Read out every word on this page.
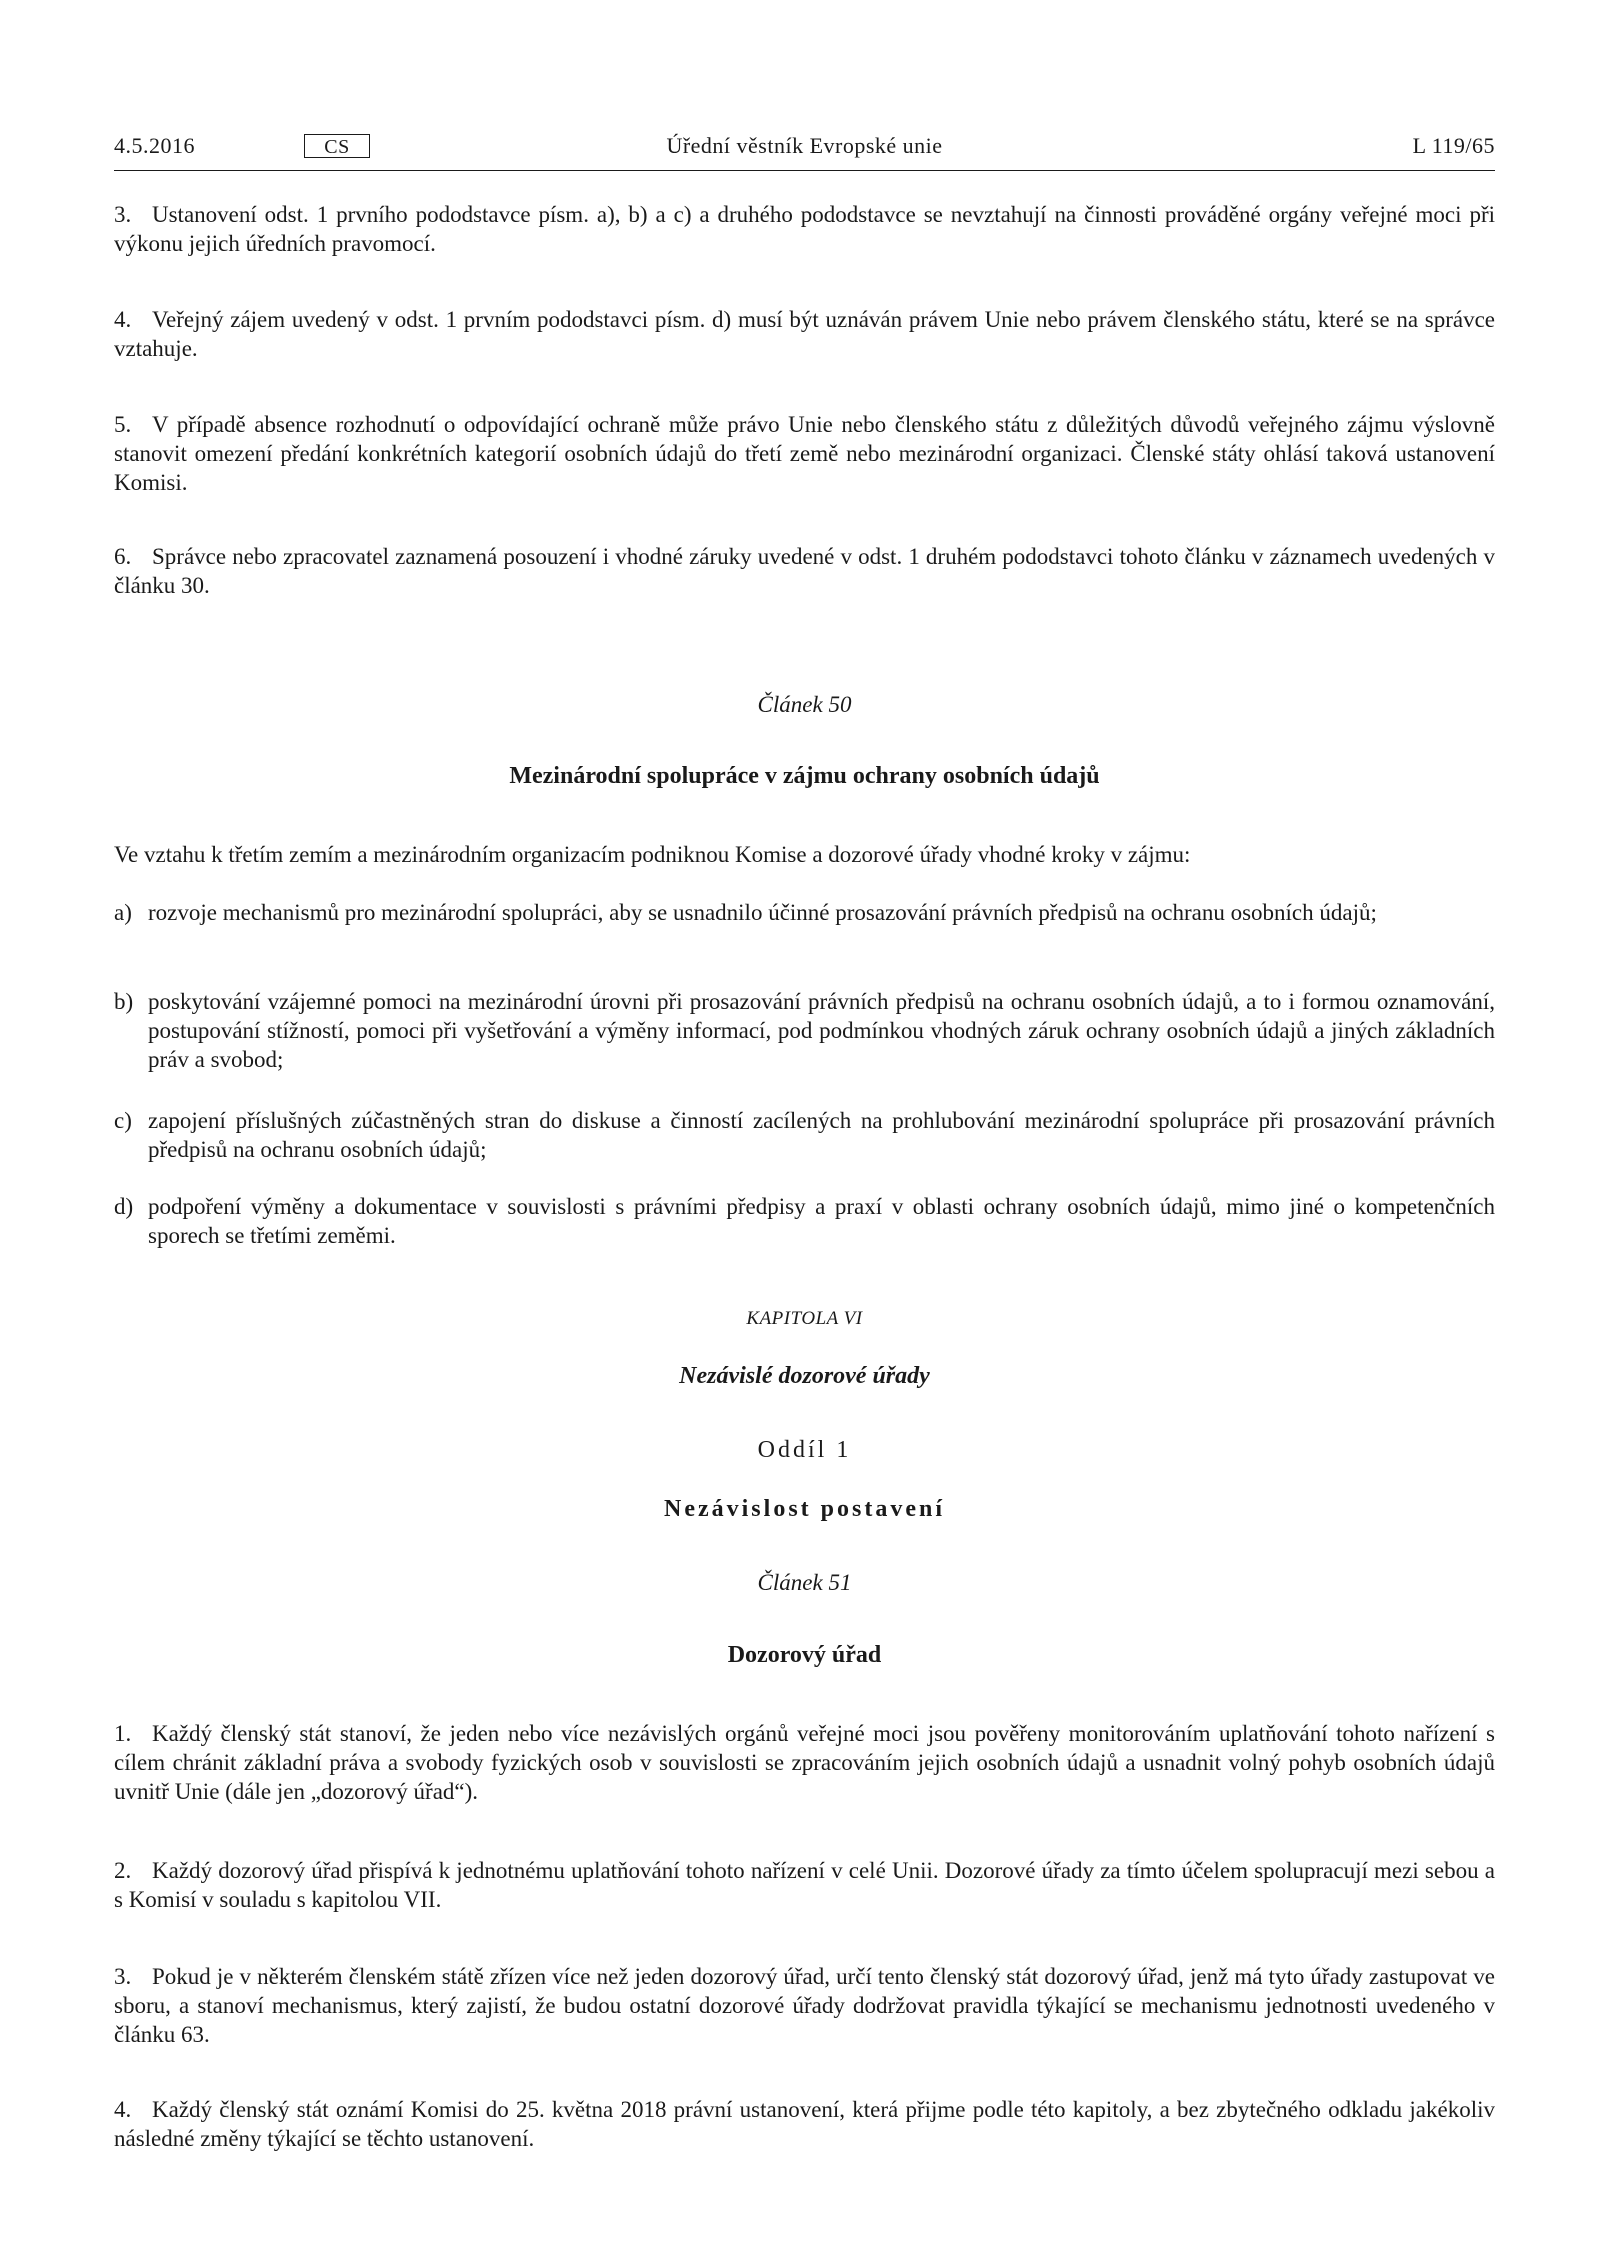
4.5.2016	CS	Úřední věstník Evropské unie	L 119/65

3. Ustanovení odst. 1 prvního pododstavce písm. a), b) a c) a druhého pododstavce se nevztahují na činnosti prováděné orgány veřejné moci při výkonu jejich úředních pravomocí.

4. Veřejný zájem uvedený v odst. 1 prvním pododstavci písm. d) musí být uznáván právem Unie nebo právem členského státu, které se na správce vztahuje.

5. V případě absence rozhodnutí o odpovídající ochraně může právo Unie nebo členského státu z důležitých důvodů veřejného zájmu výslovně stanovit omezení předání konkrétních kategorií osobních údajů do třetí země nebo mezinárodní organizaci. Členské státy ohlásí taková ustanovení Komisi.

6. Správce nebo zpracovatel zaznamená posouzení i vhodné záruky uvedené v odst. 1 druhém pododstavci tohoto článku v záznamech uvedených v článku 30.

Článek 50

Mezinárodní spolupráce v zájmu ochrany osobních údajů

Ve vztahu k třetím zemím a mezinárodním organizacím podniknou Komise a dozorové úřady vhodné kroky v zájmu:

a) rozvoje mechanismů pro mezinárodní spolupráci, aby se usnadnilo účinné prosazování právních předpisů na ochranu osobních údajů;
b) poskytování vzájemné pomoci na mezinárodní úrovni při prosazování právních předpisů na ochranu osobních údajů, a to i formou oznamování, postupování stížností, pomoci při vyšetřování a výměny informací, pod podmínkou vhodných záruk ochrany osobních údajů a jiných základních práv a svobod;
c) zapojení příslušných zúčastněných stran do diskuse a činností zacílených na prohlubování mezinárodní spolupráce při prosazování právních předpisů na ochranu osobních údajů;
d) podpoření výměny a dokumentace v souvislosti s právními předpisy a praxí v oblasti ochrany osobních údajů, mimo jiné o kompetenčních sporech se třetími zeměmi.

KAPITOLA VI

Nezávislé dozorové úřady

Oddíl 1

Nezávislost postavení

Článek 51

Dozorový úřad

1. Každý členský stát stanoví, že jeden nebo více nezávislých orgánů veřejné moci jsou pověřeny monitorováním uplatňování tohoto nařízení s cílem chránit základní práva a svobody fyzických osob v souvislosti se zpracováním jejich osobních údajů a usnadnit volný pohyb osobních údajů uvnitř Unie (dále jen „dozorový úřad“).

2. Každý dozorový úřad přispívá k jednotnému uplatňování tohoto nařízení v celé Unii. Dozorové úřady za tímto účelem spolupracují mezi sebou a s Komisí v souladu s kapitolou VII.

3. Pokud je v některém členském státě zřízen více než jeden dozorový úřad, určí tento členský stát dozorový úřad, jenž má tyto úřady zastupovat ve sboru, a stanoví mechanismus, který zajistí, že budou ostatní dozorové úřady dodržovat pravidla týkající se mechanismu jednotnosti uvedeného v článku 63.

4. Každý členský stát oznámí Komisi do 25. května 2018 právní ustanovení, která přijme podle této kapitoly, a bez zbytečného odkladu jakékoliv následné změny týkající se těchto ustanovení.
